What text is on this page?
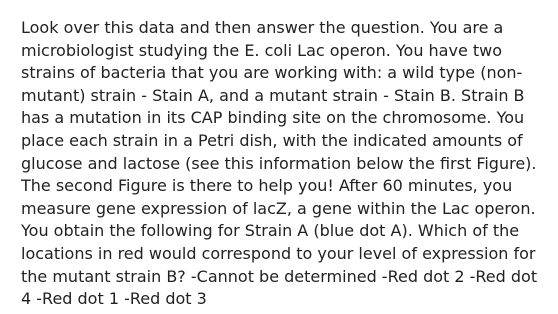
Look over this data and then answer the question. You are a microbiologist studying the E. coli Lac operon. You have two strains of bacteria that you are working with: a wild type (non-mutant) strain - Stain A, and a mutant strain - Stain B. Strain B has a mutation in its CAP binding site on the chromosome. You place each strain in a Petri dish, with the indicated amounts of glucose and lactose (see this information below the first Figure). The second Figure is there to help you! After 60 minutes, you measure gene expression of lacZ, a gene within the Lac operon. You obtain the following for Strain A (blue dot A). Which of the locations in red would correspond to your level of expression for the mutant strain B? -Cannot be determined -Red dot 2 -Red dot 4 -Red dot 1 -Red dot 3
